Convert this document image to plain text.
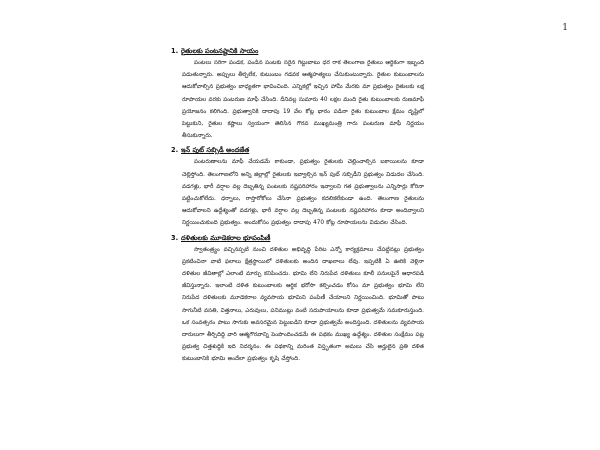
1
1. రైతులకు పంటనష్టానికి సాయం

పంటలు సరిగా పండక, పండిన పంటకు సరైన గిట్టుబాటు ధర రాక తెలంగాణ రైతులు ఆర్థికంగా ఇబ్బంది పడుతున్నారు. అప్పులు తీర్చలేక, కుటుంబం గడవక ఆత్మహత్యలు చేసుకుంటున్నారు. రైతుల కుటుంబాలను ఆదుకోవాల్సిన ప్రభుత్వం బాధ్యతగా భావించింది. ఎన్నికల్లో ఇచ్చిన హామీ మేరకు మా ప్రభుత్వం రైతులకు లక్ష రూపాయల వరకు పంటరుణ మాఫీ చేసింది. దీనివల్ల సుమారు 40 లక్షల మంది రైతు కుటుంబాలకు రుణమాఫీ ప్రయోజనం కలిగింది. ప్రభుత్వానికి దాదాపు 19 వేల కోట్ల భారం పడినా రైతు కుటుంబాల క్షేమం దృష్టిలో పెట్టుకుని, రైతుల కష్టాలు స్వయంగా తెలిసిన గౌరవ ముఖ్యమంత్రి గారు పంటరుణ మాఫీ నిర్ణయం తీసుకున్నారు.

2. ఇన్ పుట్ సబ్సిడీ అందజేత

పంటరుణాలను మాఫీ చేయడమే కాకుండా, ప్రభుత్వం రైతులకు చెల్లించాల్సిన బకాయిలను కూడా చెల్లిస్తోంది. తెలంగాణలోని అన్ని జిల్లాల్లో రైతులకు ఇవ్వాల్సిన ఇన్ పుట్ సబ్సిడీని ప్రభుత్వం విడుదల చేసింది. వడగళ్లు, భారీ వర్షాల వల్ల దెబ్బతిన్న పంటలకు నష్టపరిహారం ఇవ్వాలని గత ప్రభుత్వాలను ఎన్నిసార్లు కోరినా పట్టించుకోలేదు. ధర్నాలు, రాస్తారోకోలు చేసినా ప్రభుత్వం కదలికలేకుండా ఉంది. తెలంగాణ రైతులను ఆదుకోవాలని ఉద్దేశ్యంతో వడగళ్లు, భారీ వర్షాల వల్ల దెబ్బతిన్న పంటలకు నష్టపరిహారం కూడా అందివ్వాలని నిర్ణయించుకుంది ప్రభుత్వం. అందుకోసం ప్రభుత్వం దాదాపు 470 కోట్ల రూపాయలను విడుదల చేసింది.

3. దళితులకు మూడెకరాల భూపంపిణీ

స్వాతంత్ర్యం వచ్చినప్పటి నుంచి దళితుల అభివృద్ధి పేరిట ఎన్నో కార్యక్రమాలు చేపట్టినట్లు ప్రభుత్వం ప్రకటించినా వాటి ఫలాలు క్షేత్రస్థాయిలో దళితులకు అందిన దాఖలాలు లేవు. ఇప్పటికీ ఏ ఊరికి వెళ్లినా దళితుల జీవితాల్లో ఎలాంటి మార్పు కనిపించదు. భూమి లేని నిరుపేద దళితులు కూలీ పనులపైనే ఆధారపడి జీవిస్తున్నారు. ఇలాంటి దళిత కుటుంబాలకు ఆర్థిక భరోసా కల్పించడం కోసం మా ప్రభుత్వం భూమి లేని నిరుపేద దళితులకు మూడెకరాల వ్యవసాయ భూమిని పంపిణీ చేయాలని నిర్ణయించింది. భూమితో పాటు సాగునీటి వసతి, విత్తనాలు, ఎరువులు, పనిముట్లు వంటి సదుపాయాలను కూడా ప్రభుత్వమే సమకూరుస్తుంది. ఒక సంవత్సరం పాటు సాగుకు అవసరమైన పెట్టుబడిని కూడా ప్రభుత్వమే అందిస్తుంది. దళితులను వ్యవసాయ దారులుగా తీర్చిదిద్ది వారి ఆత్మగౌరవాన్ని పెంపొందించడమే ఈ పథకం ముఖ్య ఉద్దేశ్యం. దళితుల సంక్షేమం పట్ల ప్రభుత్వ చిత్తశుద్ధికి ఇది నిదర్శనం. ఈ పథకాన్ని మరింత విస్తృతంగా అమలు చేసి అర్హులైన ప్రతి దళిత కుటుంబానికి భూమి అందేలా ప్రభుత్వం కృషి చేస్తోంది.
